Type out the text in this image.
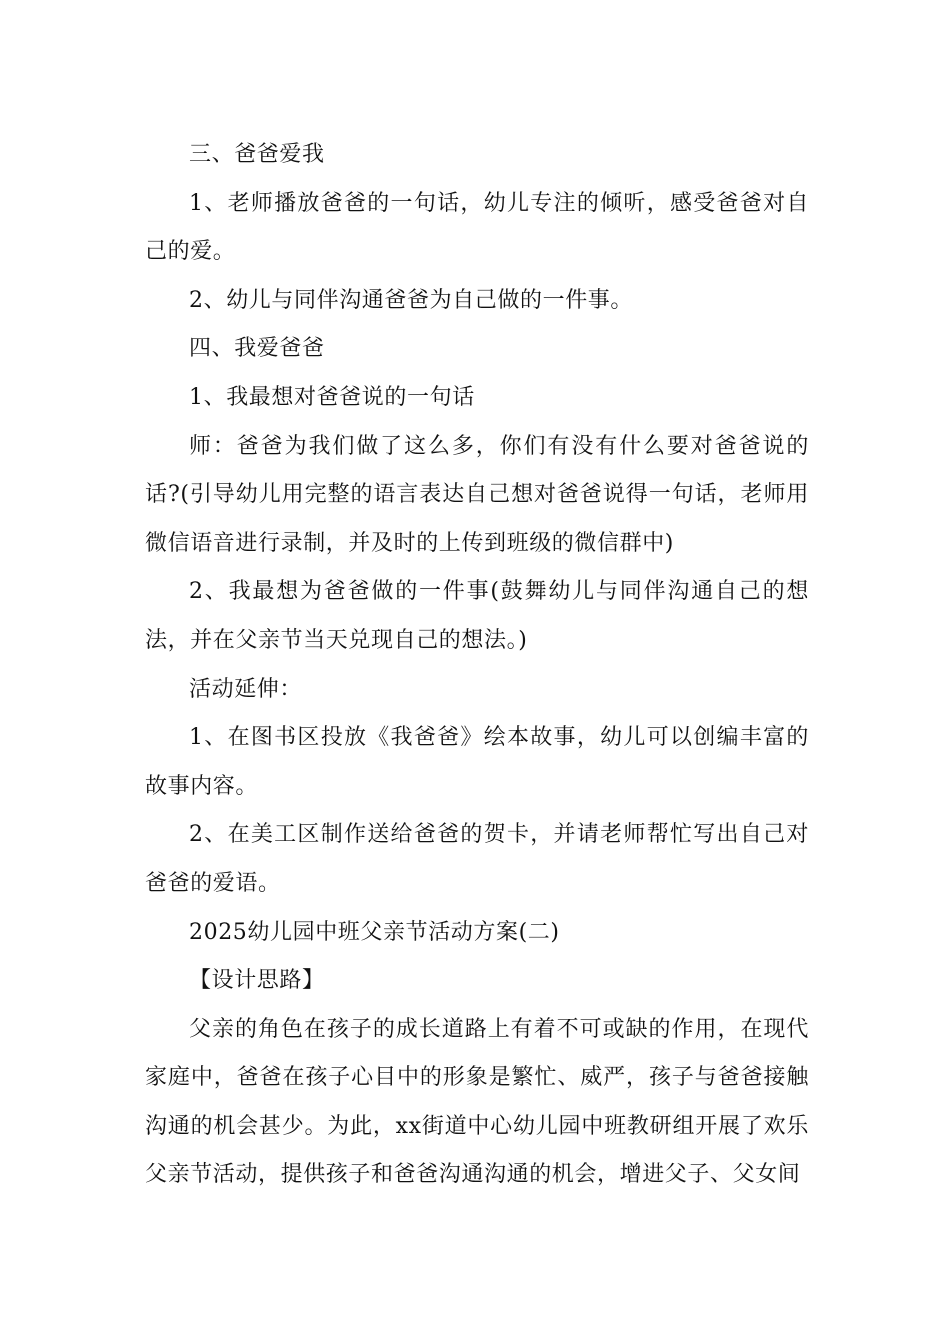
三、爸爸爱我

1、老师播放爸爸的一句话，幼儿专注的倾听，感受爸爸对自己的爱。

2、幼儿与同伴沟通爸爸为自己做的一件事。

四、我爱爸爸

1、我最想对爸爸说的一句话

师：爸爸为我们做了这么多，你们有没有什么要对爸爸说的话?(引导幼儿用完整的语言表达自己想对爸爸说得一句话，老师用微信语音进行录制，并及时的上传到班级的微信群中)

2、我最想为爸爸做的一件事(鼓舞幼儿与同伴沟通自己的想法，并在父亲节当天兑现自己的想法。)

活动延伸：

1、在图书区投放《我爸爸》绘本故事，幼儿可以创编丰富的故事内容。

2、在美工区制作送给爸爸的贺卡，并请老师帮忙写出自己对爸爸的爱语。

2025幼儿园中班父亲节活动方案(二)

【设计思路】

父亲的角色在孩子的成长道路上有着不可或缺的作用，在现代家庭中，爸爸在孩子心目中的形象是繁忙、威严，孩子与爸爸接触沟通的机会甚少。为此，xx街道中心幼儿园中班教研组开展了欢乐父亲节活动，提供孩子和爸爸沟通沟通的机会，增进父子、父女间
